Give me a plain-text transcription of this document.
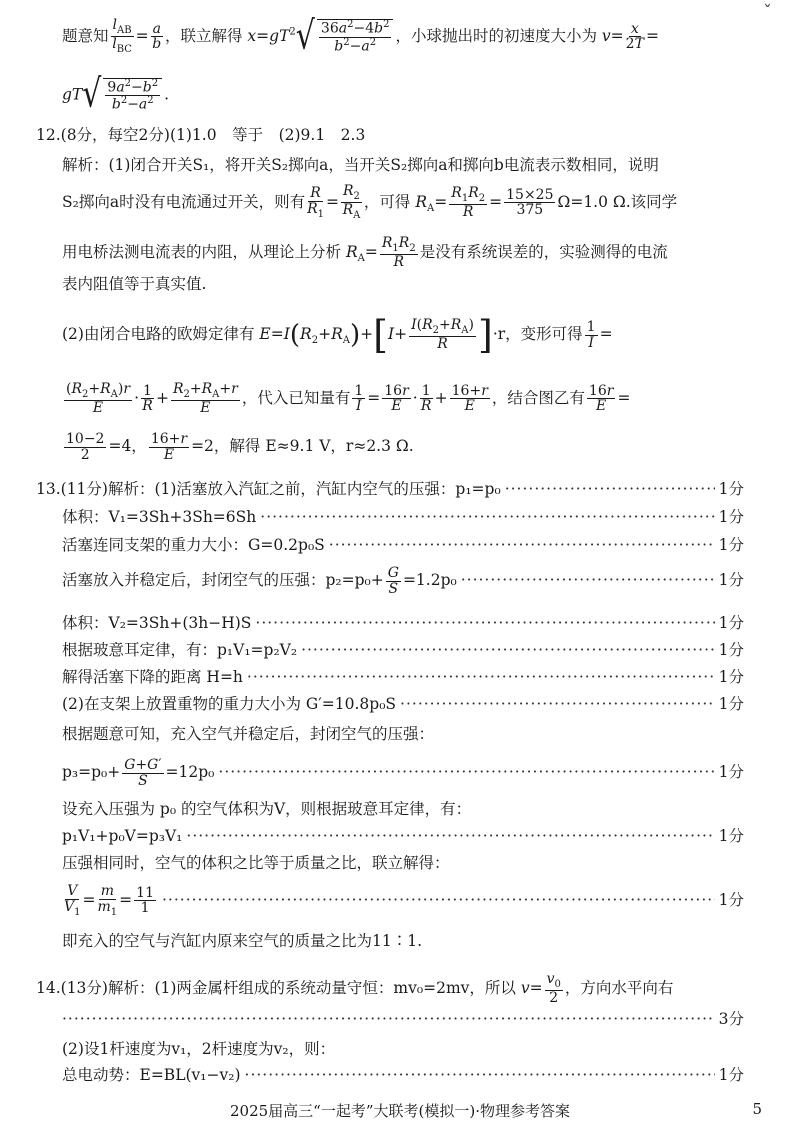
ˇ
题意知 $\frac{l_{AB}}{l_{BC}} = \frac{a}{b}$ ，联立解得 $x=gT^2$ √ $\frac{36a^2-4b^2}{b^2-a^2}$ ，小球抛出时的初速度大小为 $v= \frac{x}{2T}$ =
gT √ $\frac{9a^2-b^2}{b^2-a^2}$ .
12.(8分，每空2分)(1)1.0　等于　(2)9.1　2.3
解析：(1)闭合开关S₁，将开关S₂掷向a，当开关S₂掷向a和掷向b电流表示数相同，说明
S₂掷向a时没有电流通过开关，则有 $\frac{R}{R_1} = \frac{R_2}{R_A}$ ，可得 $R_A= \frac{R_1R_2}{R} = \frac{15\times 25}{375} \Omega=1.0$ Ω.该同学
用电桥法测电流表的内阻，从理论上分析 $R_A= \frac{R_1R_2}{R}$ 是没有系统误差的，实验测得的电流
表内阻值等于真实值.
(2)由闭合电路的欧姆定律有 $E=I(R_2+R_A)+[I+ \frac{I(R_2+R_A)}{R} ]\cdot r$，变形可得 $\frac{1}{I}$ =
$\frac{(R_2+R_A)r}{E} \cdot \frac{1}{R} + \frac{R_2+R_A+r}{E}$ ，代入已知量有 $\frac{1}{I} = \frac{16r}{E} \cdot \frac{1}{R} + \frac{16+r}{E}$ ，结合图乙有 $\frac{16r}{E}$ =
$\frac{10-2}{2} =4$， $\frac{16+r}{E} =2$，解得 E≈9.1 V，r≈2.3 Ω.
13.(11分)解析：(1)活塞放入汽缸之前，汽缸内空气的压强：p₁=p₀ ·····	1分
体积：V₁=3Sh+3Sh=6Sh ·····	1分
活塞连同支架的重力大小：G=0.2p₀S ·····	1分
活塞放入并稳定后，封闭空气的压强：$p_2=p_0+ \frac{G}{S} =1.2p_0$ ·····	1分
体积：V₂=3Sh+(3h−H)S ·····	1分
根据玻意耳定律，有：p₁V₁=p₂V₂ ·····	1分
解得活塞下降的距离 H=h ·····	1分
(2)在支架上放置重物的重力大小为 G′=10.8p₀S ·····	1分
根据题意可知，充入空气并稳定后，封闭空气的压强：
$p_3=p_0+ \frac{G+G'}{S} =12p_0$ ·····	1分
设充入压强为 p₀ 的空气体积为V，则根据玻意耳定律，有：
p₁V₁+p₀V=p₃V₁ ·····	1分
压强相同时，空气的体积之比等于质量之比，联立解得：
$\frac{V}{V_1} = \frac{m}{m_1} = \frac{11}{1}$ ·····	1分
即充入的空气与汽缸内原来空气的质量之比为11∶1.
14.(13分)解析：(1)两金属杆组成的系统动量守恒：mv₀=2mv，所以 $v= \frac{v_0}{2}$ ，方向水平向右
·····
3分
(2)设1杆速度为v₁，2杆速度为v₂，则：
总电动势：E=BL(v₁−v₂) ·····	1分
2025届高三“一起考”大联考(模拟一)·物理参考答案	5
